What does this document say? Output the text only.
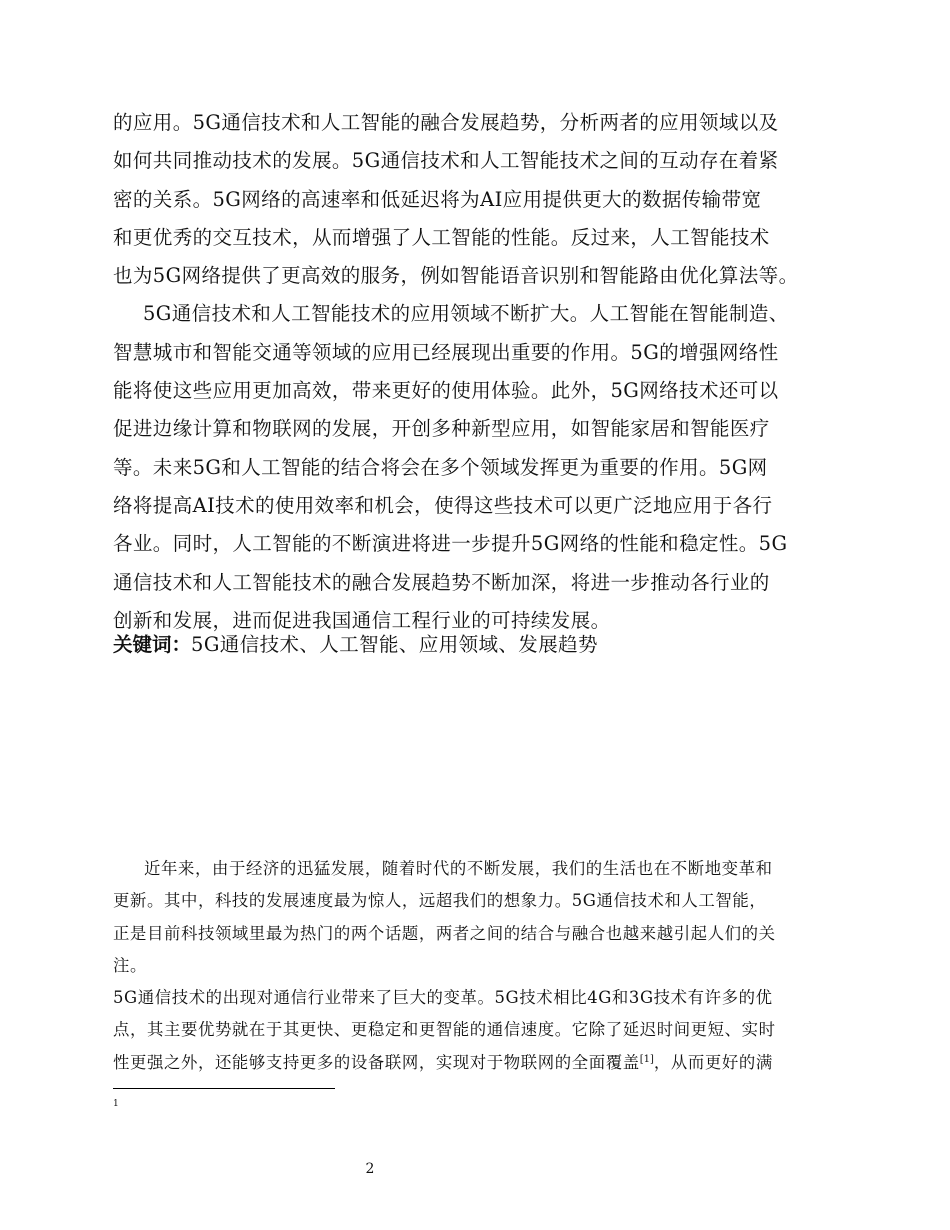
的应用。5G通信技术和人工智能的融合发展趋势，分析两者的应用领域以及
如何共同推动技术的发展。5G通信技术和人工智能技术之间的互动存在着紧
密的关系。5G网络的高速率和低延迟将为AI应用提供更大的数据传输带宽
和更优秀的交互技术，从而增强了人工智能的性能。反过来，人工智能技术
也为5G网络提供了更高效的服务，例如智能语音识别和智能路由优化算法等。
5G通信技术和人工智能技术的应用领域不断扩大。人工智能在智能制造、
智慧城市和智能交通等领域的应用已经展现出重要的作用。5G的增强网络性
能将使这些应用更加高效，带来更好的使用体验。此外，5G网络技术还可以
促进边缘计算和物联网的发展，开创多种新型应用，如智能家居和智能医疗
等。未来5G和人工智能的结合将会在多个领域发挥更为重要的作用。5G网
络将提高AI技术的使用效率和机会，使得这些技术可以更广泛地应用于各行
各业。同时，人工智能的不断演进将进一步提升5G网络的性能和稳定性。5G
通信技术和人工智能技术的融合发展趋势不断加深，将进一步推动各行业的
创新和发展，进而促进我国通信工程行业的可持续发展。
关键词：5G通信技术、人工智能、应用领域、发展趋势
近年来，由于经济的迅猛发展，随着时代的不断发展，我们的生活也在不断地变革和
更新。其中，科技的发展速度最为惊人，远超我们的想象力。5G通信技术和人工智能，
正是目前科技领域里最为热门的两个话题，两者之间的结合与融合也越来越引起人们的关
注。
5G通信技术的出现对通信行业带来了巨大的变革。5G技术相比4G和3G技术有许多的优
点，其主要优势就在于其更快、更稳定和更智能的通信速度。它除了延迟时间更短、实时
性更强之外，还能够支持更多的设备联网，实现对于物联网的全面覆盖[1]，从而更好的满
1
2
